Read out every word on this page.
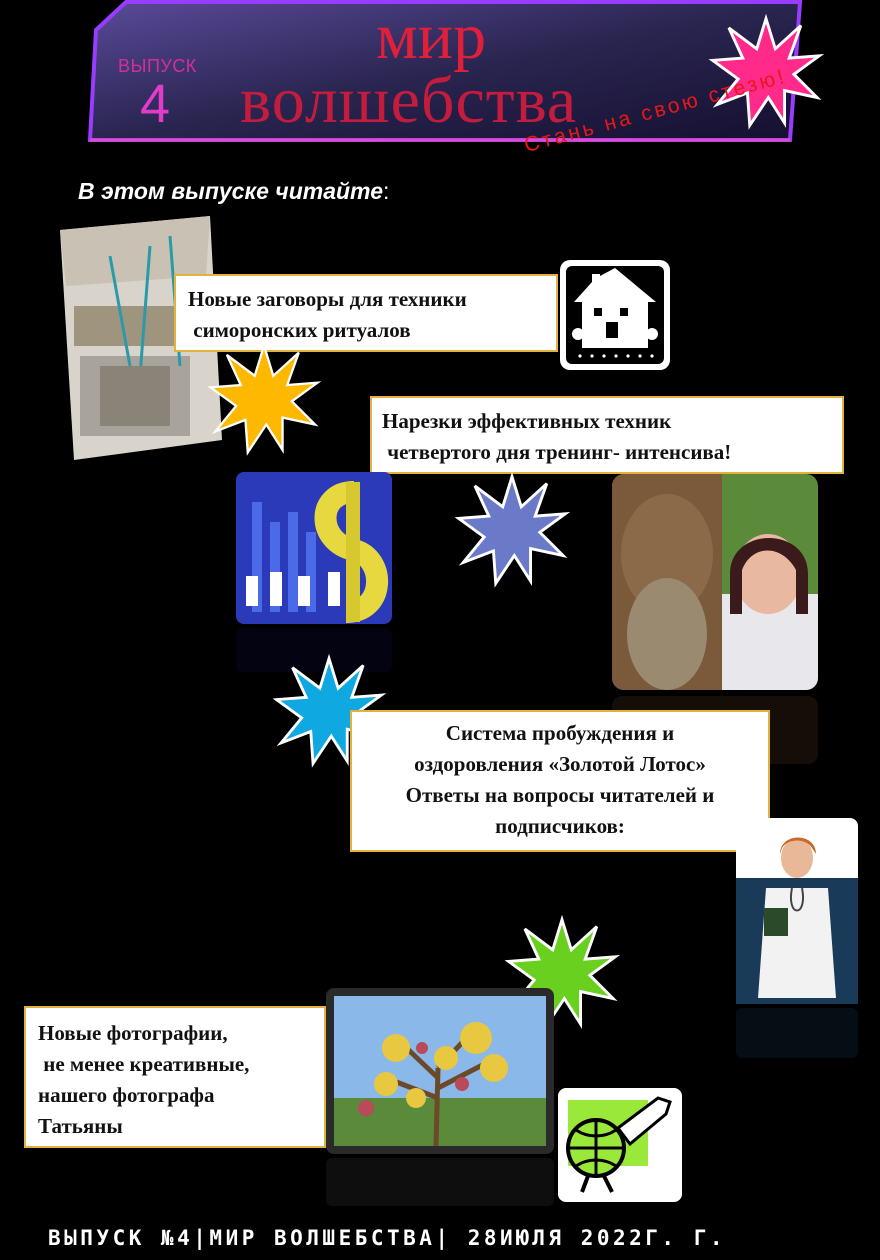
ВЫПУСК
4
мир
волшебства
Стань на свою стезю!
В этом выпуске читайте:
Новые заговоры для техники
симоронских ритуалов
Нарезки эффективных техник
четвертого дня тренинг- интенсива!
Система пробуждения и
оздоровления «Золотой Лотос»
Ответы на вопросы читателей и
подписчиков:
Новые фотографии,
не менее креативные,
нашего фотографа
Татьяны
ВЫПУСК №4|МИР ВОЛШЕБСТВА| 28ИЮЛЯ 2022Г. Г.
